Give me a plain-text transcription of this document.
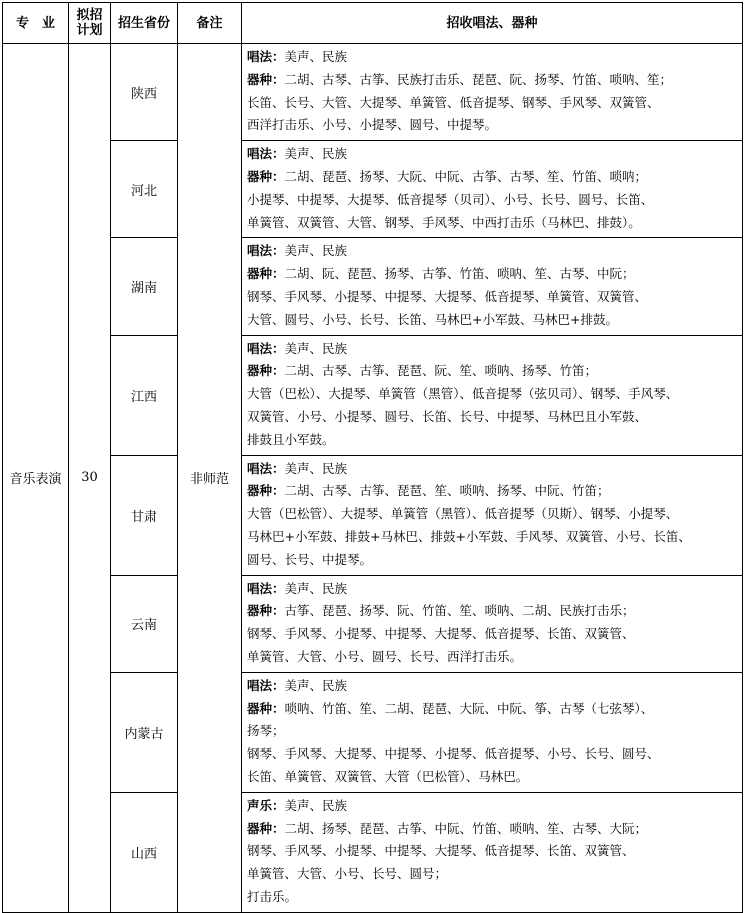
专　业	拟招
计划	招生省份	备注	招收唱法、器种
音乐表演	30	陕西	非师范	唱法：美声、民族
器种：二胡、古琴、古筝、民族打击乐、琵琶、阮、扬琴、竹笛、唢呐、笙；
长笛、长号、大管、大提琴、单簧管、低音提琴、钢琴、手风琴、双簧管、
西洋打击乐、小号、小提琴、圆号、中提琴。

		河北		唱法：美声、民族
器种：二胡、琵琶、扬琴、大阮、中阮、古筝、古琴、笙、竹笛、唢呐；
小提琴、中提琴、大提琴、低音提琴（贝司）、小号、长号、圆号、长笛、
单簧管、双簧管、大管、钢琴、手风琴、中西打击乐（马林巴、排鼓）。

		湖南		唱法：美声、民族
器种：二胡、阮、琵琶、扬琴、古筝、竹笛、唢呐、笙、古琴、中阮；
钢琴、手风琴、小提琴、中提琴、大提琴、低音提琴、单簧管、双簧管、
大管、圆号、小号、长号、长笛、马林巴+小军鼓、马林巴+排鼓。

		江西		唱法：美声、民族
器种：二胡、古琴、古筝、琵琶、阮、笙、唢呐、扬琴、竹笛；
大管（巴松）、大提琴、单簧管（黑管）、低音提琴（弦贝司）、钢琴、手风琴、
双簧管、小号、小提琴、圆号、长笛、长号、中提琴、马林巴且小军鼓、
排鼓且小军鼓。

		甘肃		唱法：美声、民族
器种：二胡、古琴、古筝、琵琶、笙、唢呐、扬琴、中阮、竹笛；
大管（巴松管）、大提琴、单簧管（黑管）、低音提琴（贝斯）、钢琴、小提琴、
马林巴+小军鼓、排鼓+马林巴、排鼓+小军鼓、手风琴、双簧管、小号、长笛、
圆号、长号、中提琴。

		云南		唱法：美声、民族
器种：古筝、琵琶、扬琴、阮、竹笛、笙、唢呐、二胡、民族打击乐；
钢琴、手风琴、小提琴、中提琴、大提琴、低音提琴、长笛、双簧管、
单簧管、大管、小号、圆号、长号、西洋打击乐。

		内蒙古		唱法：美声、民族
器种：唢呐、竹笛、笙、二胡、琵琶、大阮、中阮、筝、古琴（七弦琴）、
扬琴；
钢琴、手风琴、大提琴、中提琴、小提琴、低音提琴、小号、长号、圆号、
长笛、单簧管、双簧管、大管（巴松管）、马林巴。

		山西		声乐：美声、民族
器种：二胡、扬琴、琵琶、古筝、中阮、竹笛、唢呐、笙、古琴、大阮；
钢琴、手风琴、小提琴、中提琴、大提琴、低音提琴、长笛、双簧管、
单簧管、大管、小号、长号、圆号；
打击乐。
